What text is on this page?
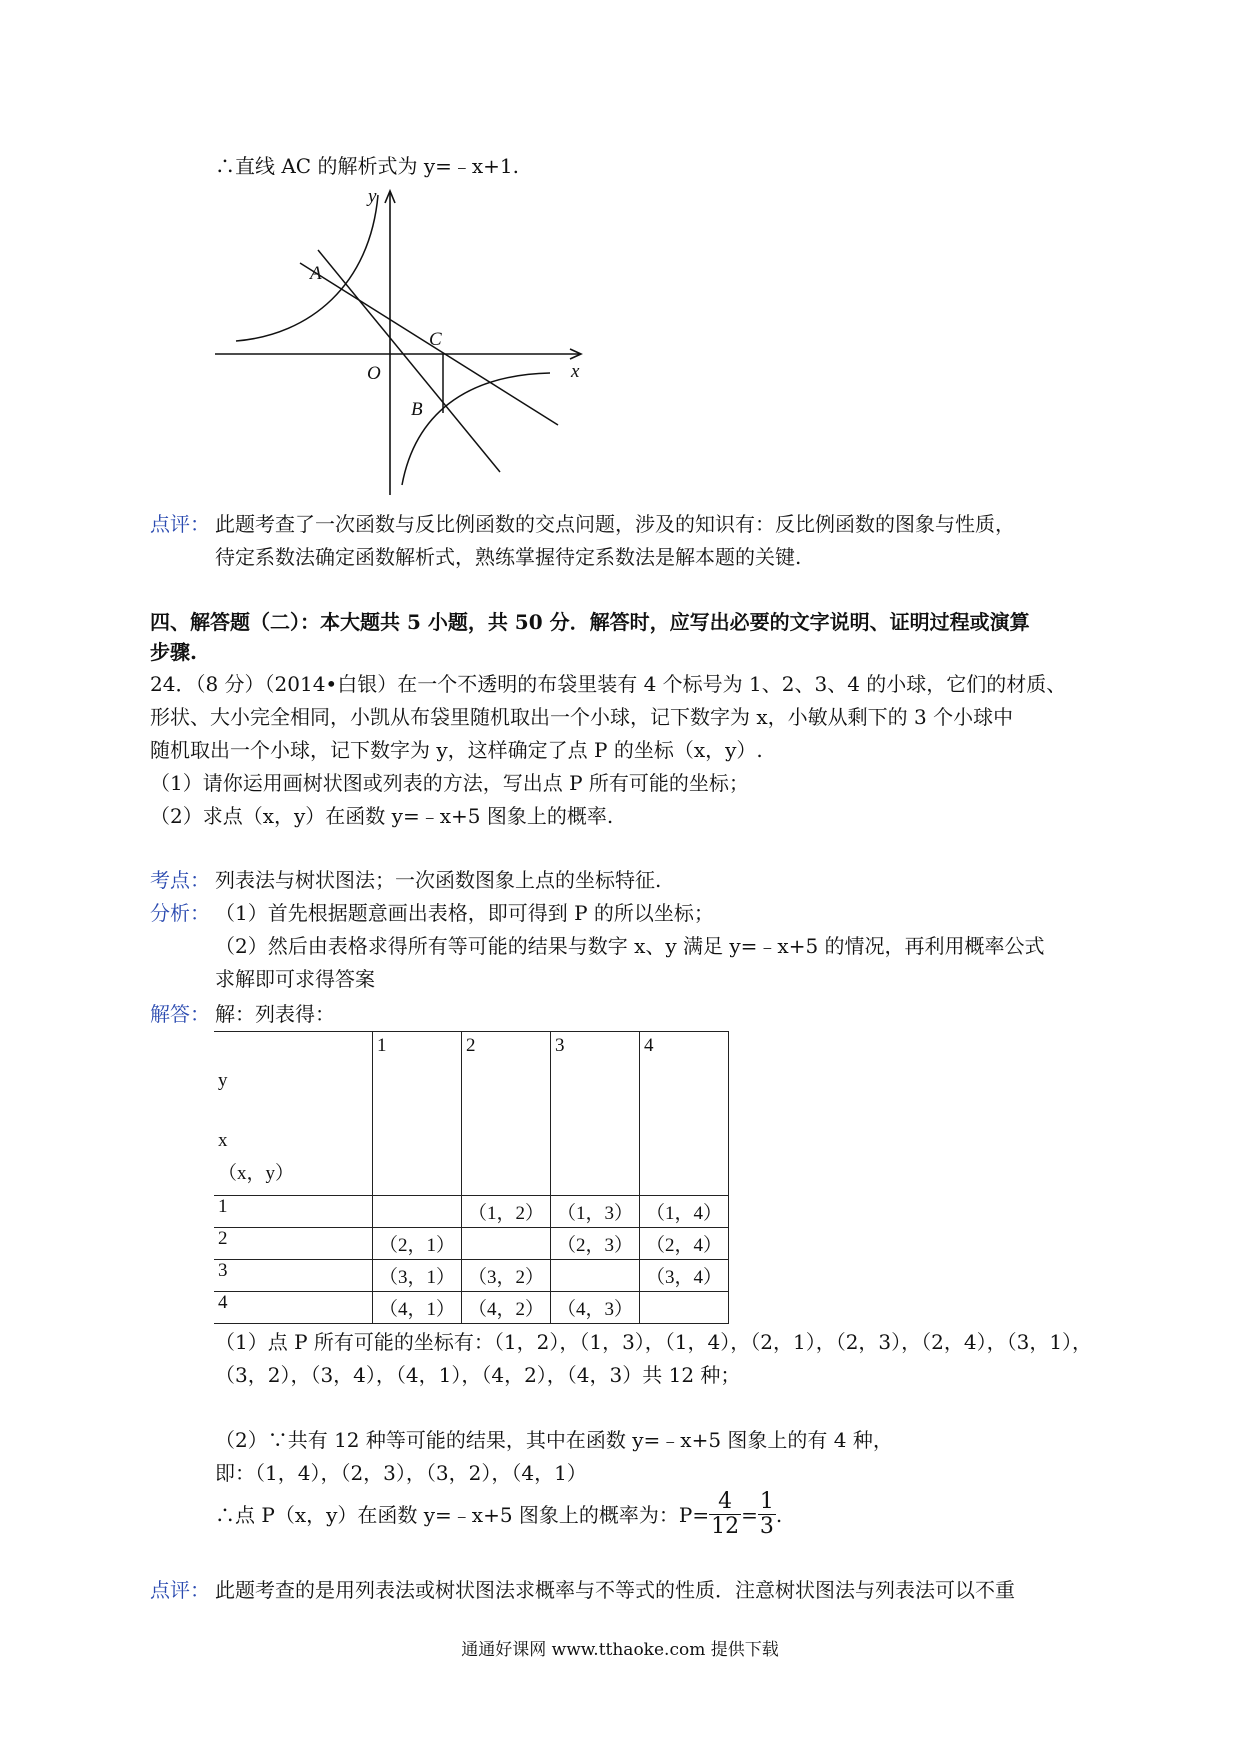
∴直线 AC 的解析式为 y=﹣x+1.
y
x
A
O
C
B
点评： 此题考查了一次函数与反比例函数的交点问题，涉及的知识有：反比例函数的图象与性质，
待定系数法确定函数解析式，熟练掌握待定系数法是解本题的关键.
四、解答题（二）：本大题共 5 小题，共 50 分．解答时，应写出必要的文字说明、证明过程或演算
步骤.
24．（8 分）（2014•白银）在一个不透明的布袋里装有 4 个标号为 1、2、3、4 的小球，它们的材质、
形状、大小完全相同，小凯从布袋里随机取出一个小球，记下数字为 x，小敏从剩下的 3 个小球中
随机取出一个小球，记下数字为 y，这样确定了点 P 的坐标（x，y）.
（1）请你运用画树状图或列表的方法，写出点 P 所有可能的坐标；
（2）求点（x，y）在函数 y=﹣x+5 图象上的概率.
考点： 列表法与树状图法；一次函数图象上点的坐标特征.
分析： （1）首先根据题意画出表格，即可得到 P 的所以坐标；
（2）然后由表格求得所有等可能的结果与数字 x、y 满足 y=﹣x+5 的情况，再利用概率公式
求解即可求得答案
解答： 解：列表得：
y
x
（x，y）	1	2	3	4
1		（1，2）	（1，3）	（1，4）
2	（2，1）		（2，3）	（2，4）
3	（3，1）	（3，2）		（3，4）
4	（4，1）	（4，2）	（4，3）	
（1）点 P 所有可能的坐标有：（1，2），（1，3），（1，4），（2，1），（2，3），（2，4），（3，1），
（3，2），（3，4），（4，1），（4，2），（4，3）共 12 种；
（2）∵共有 12 种等可能的结果，其中在函数 y=﹣x+5 图象上的有 4 种，
即：（1，4），（2，3），（3，2），（4，1）
∴点 P（x，y）在函数 y=﹣x+5 图象上的概率为：$P= \frac{4}{12} = \frac{1}{3}$ .
点评： 此题考查的是用列表法或树状图法求概率与不等式的性质．注意树状图法与列表法可以不重
通通好课网 www.tthaoke.com 提供下载
